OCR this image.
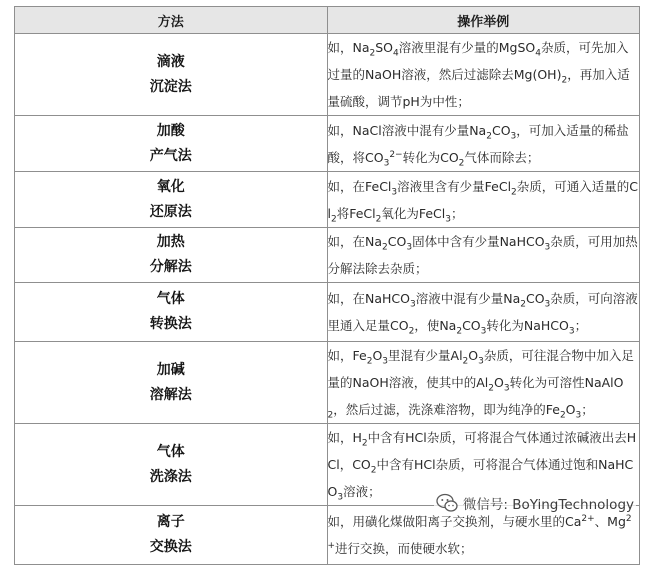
方法	操作举例

滴液
沉淀法	如，$Na_2SO_4$溶液里混有少量的MgSO$_4$杂质，可先加入过量的NaOH溶液，然后过滤除去$Mg(OH)_2$，再加入适量硫酸，调节pH为中性；

加酸
产气法	如，NaCl溶液中混有少量$Na_2CO_3$，可加入适量的稀盐酸，将$CO_3^{2-}$转化为$CO_2$气体而除去；

氧化
还原法	如，在FeCl$_3$溶液里含有少量FeCl$_2$杂质，可通入适量的$Cl_2$将FeCl$_2$氧化为FeCl$_3$；

加热
分解法	如，在$Na_2CO_3$固体中含有少量NaHCO$_3$杂质，可用加热分解法除去杂质；

气体
转换法	如，在NaHCO$_3$溶液中混有少量$Na_2CO_3$杂质，可向溶液里通入足量$CO_2$，使$Na_2CO_3$转化为NaHCO$_3$；

加碱
溶解法	如，$Fe_2O_3$里混有少量$Al_2O_3$杂质，可往混合物中加入足量的NaOH溶液，使其中的$Al_2O_3$转化为可溶性NaAlO$_2$，然后过滤，洗涤难溶物，即为纯净的$Fe_2O_3$；

气体
洗涤法	如，$H_2$中含有HCl杂质，可将混合气体通过浓碱液出去HCl，$CO_2$中含有HCl杂质，可将混合气体通过饱和NaHCO$_3$溶液；

离子
交换法	如，用磺化煤做阳离子交换剂，与硬水里的$Ca^{2+}$、$Mg^{2+}$进行交换，而使硬水软；
微信号: BoYingTechnology
